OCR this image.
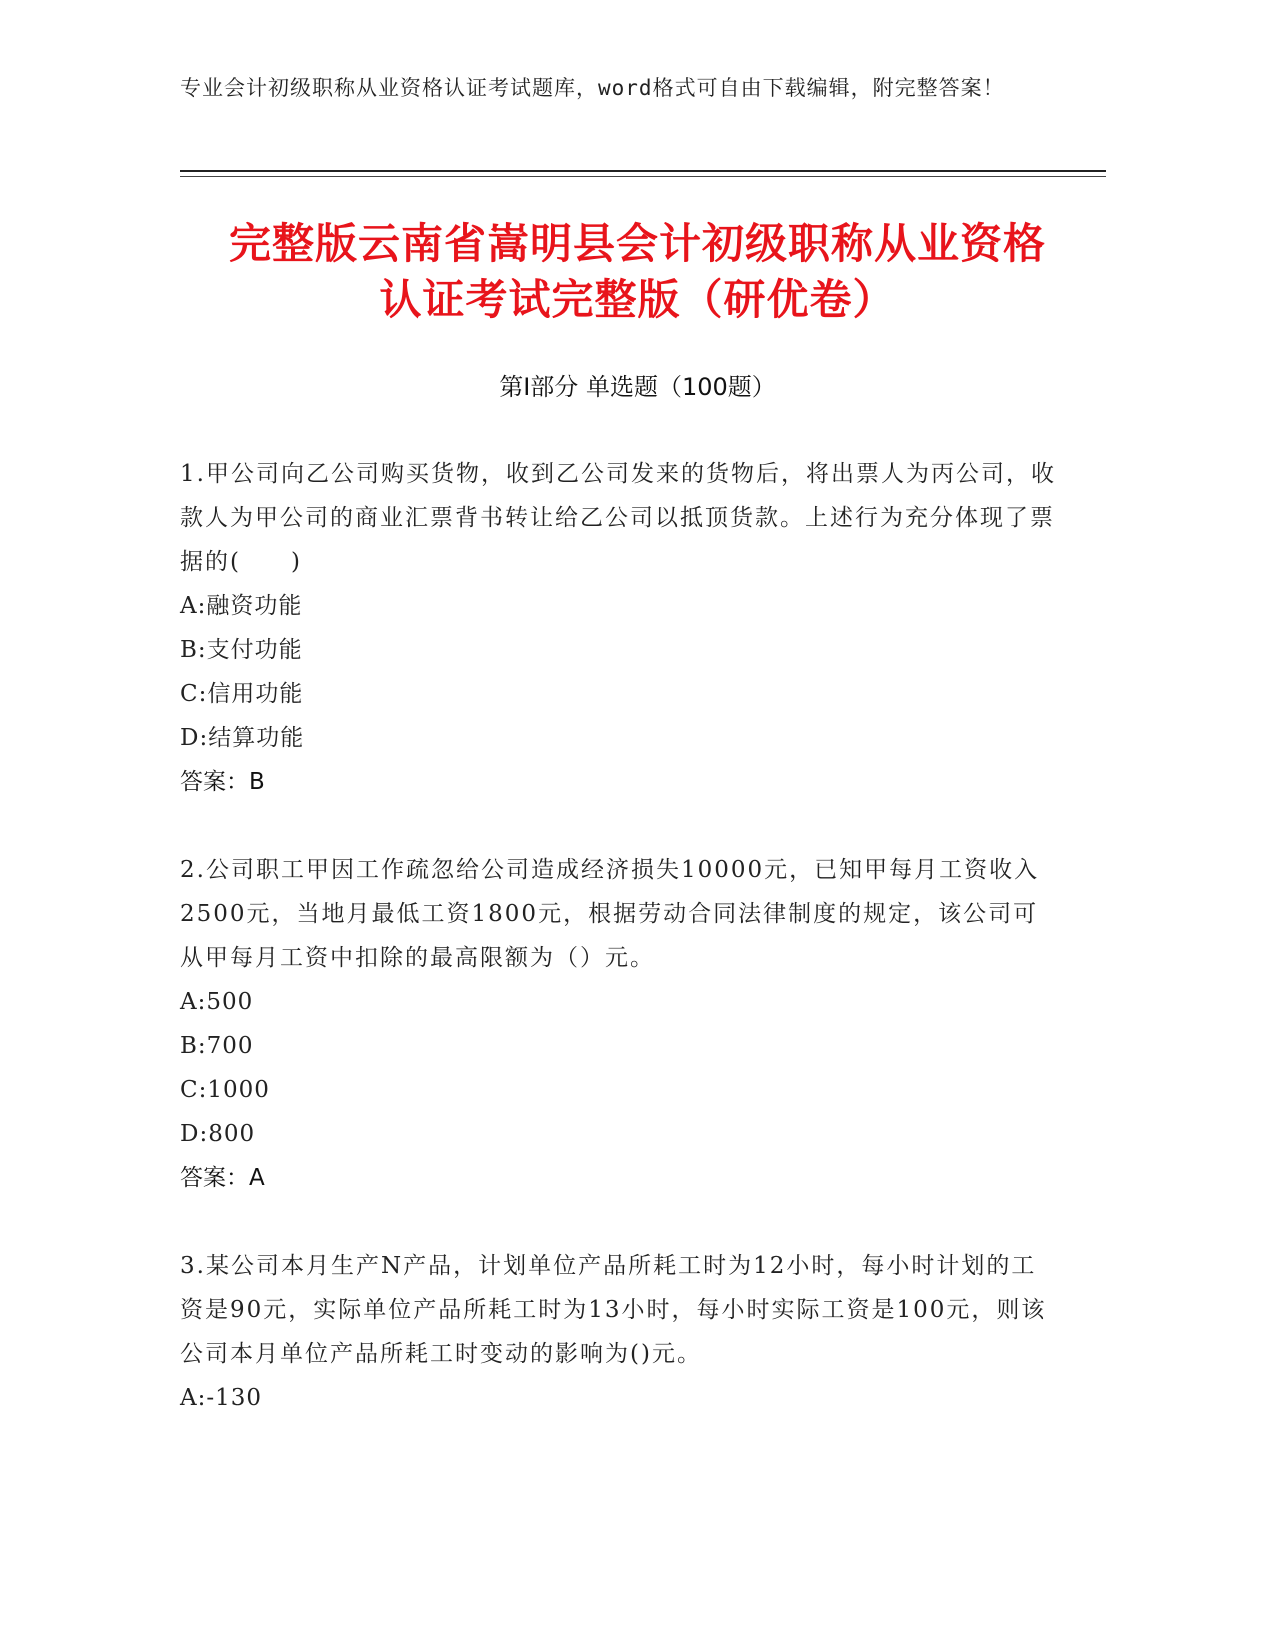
专业会计初级职称从业资格认证考试题库，word格式可自由下载编辑，附完整答案！
完整版云南省嵩明县会计初级职称从业资格
认证考试完整版（研优卷）
第Ⅰ部分 单选题（100题）
1.甲公司向乙公司购买货物，收到乙公司发来的货物后，将出票人为丙公司，收款人为甲公司的商业汇票背书转让给乙公司以抵顶货款。上述行为充分体现了票据的(　　)
A:融资功能
B:支付功能
C:信用功能
D:结算功能
答案：B
2.公司职工甲因工作疏忽给公司造成经济损失10000元，已知甲每月工资收入2500元，当地月最低工资1800元，根据劳动合同法律制度的规定，该公司可从甲每月工资中扣除的最高限额为（）元。
A:500
B:700
C:1000
D:800
答案：A
3.某公司本月生产N产品，计划单位产品所耗工时为12小时，每小时计划的工资是90元，实际单位产品所耗工时为13小时，每小时实际工资是100元，则该公司本月单位产品所耗工时变动的影响为()元。
A:-130
